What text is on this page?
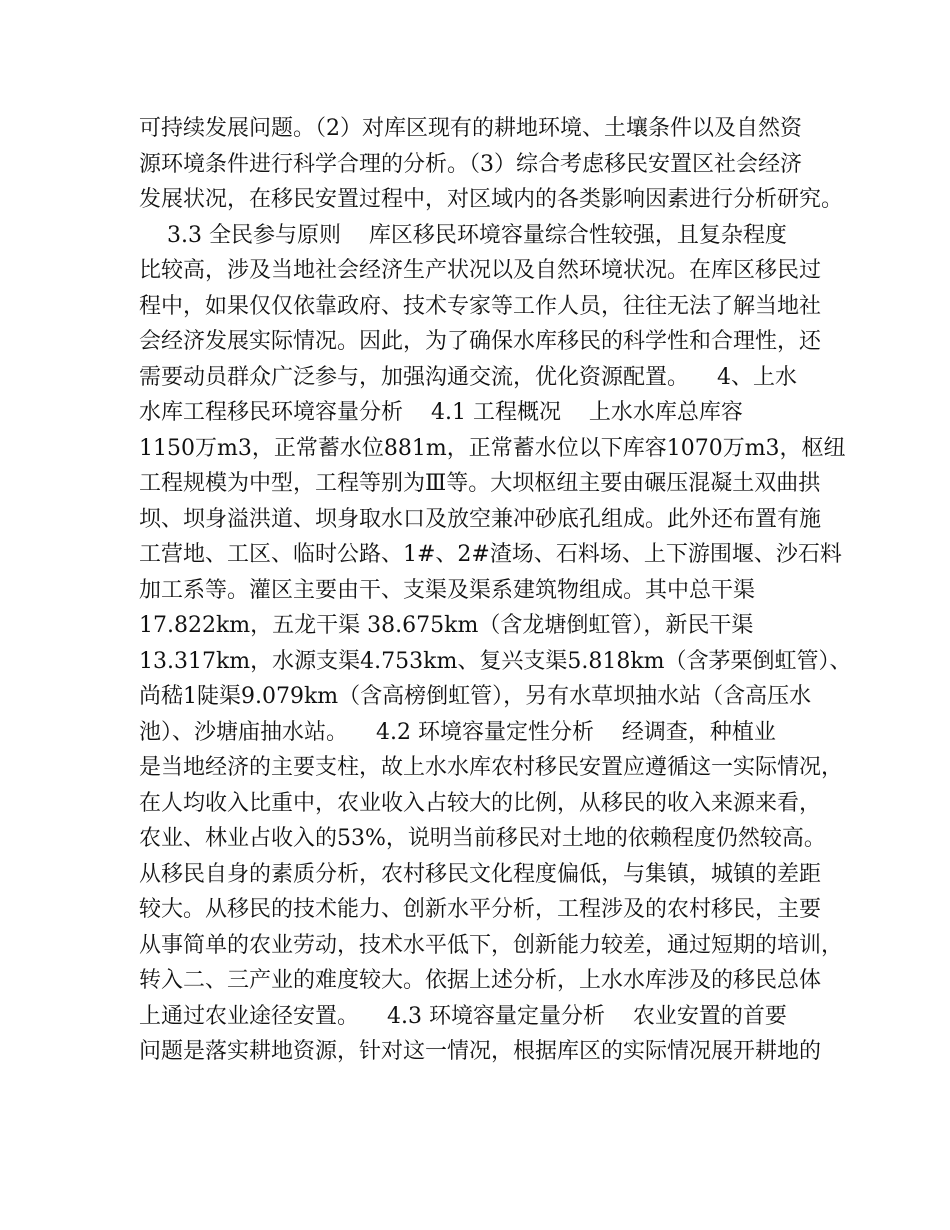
可持续发展问题。（2）对库区现有的耕地环境、土壤条件以及自然资
源环境条件进行科学合理的分析。（3）综合考虑移民安置区社会经济
发展状况，在移民安置过程中，对区域内的各类影响因素进行分析研究。
3.3 全民参与原则    库区移民环境容量综合性较强，且复杂程度
比较高，涉及当地社会经济生产状况以及自然环境状况。在库区移民过
程中，如果仅仅依靠政府、技术专家等工作人员，往往无法了解当地社
会经济发展实际情况。因此，为了确保水库移民的科学性和合理性，还
需要动员群众广泛参与，加强沟通交流，优化资源配置。    4、上水
水库工程移民环境容量分析    4.1 工程概况    上水水库总库容
1150万m3，正常蓄水位881m，正常蓄水位以下库容1070万m3，枢纽
工程规模为中型，工程等别为Ⅲ等。大坝枢纽主要由碾压混凝土双曲拱
坝、坝身溢洪道、坝身取水口及放空兼冲砂底孔组成。此外还布置有施
工营地、工区、临时公路、1#、2#渣场、石料场、上下游围堰、沙石料
加工系等。灌区主要由干、支渠及渠系建筑物组成。其中总干渠
17.822km，五龙干渠 38.675km（含龙塘倒虹管），新民干渠
13.317km，水源支渠4.753km、复兴支渠5.818km（含茅栗倒虹管）、
尚嵇1陡渠9.079km（含高榜倒虹管），另有水草坝抽水站（含高压水
池）、沙塘庙抽水站。    4.2 环境容量定性分析    经调查，种植业
是当地经济的主要支柱，故上水水库农村移民安置应遵循这一实际情况，
在人均收入比重中，农业收入占较大的比例，从移民的收入来源来看，
农业、林业占收入的53%，说明当前移民对土地的依赖程度仍然较高。
从移民自身的素质分析，农村移民文化程度偏低，与集镇，城镇的差距
较大。从移民的技术能力、创新水平分析，工程涉及的农村移民，主要
从事简单的农业劳动，技术水平低下，创新能力较差，通过短期的培训，
转入二、三产业的难度较大。依据上述分析，上水水库涉及的移民总体
上通过农业途径安置。    4.3 环境容量定量分析    农业安置的首要
问题是落实耕地资源，针对这一情况，根据库区的实际情况展开耕地的
